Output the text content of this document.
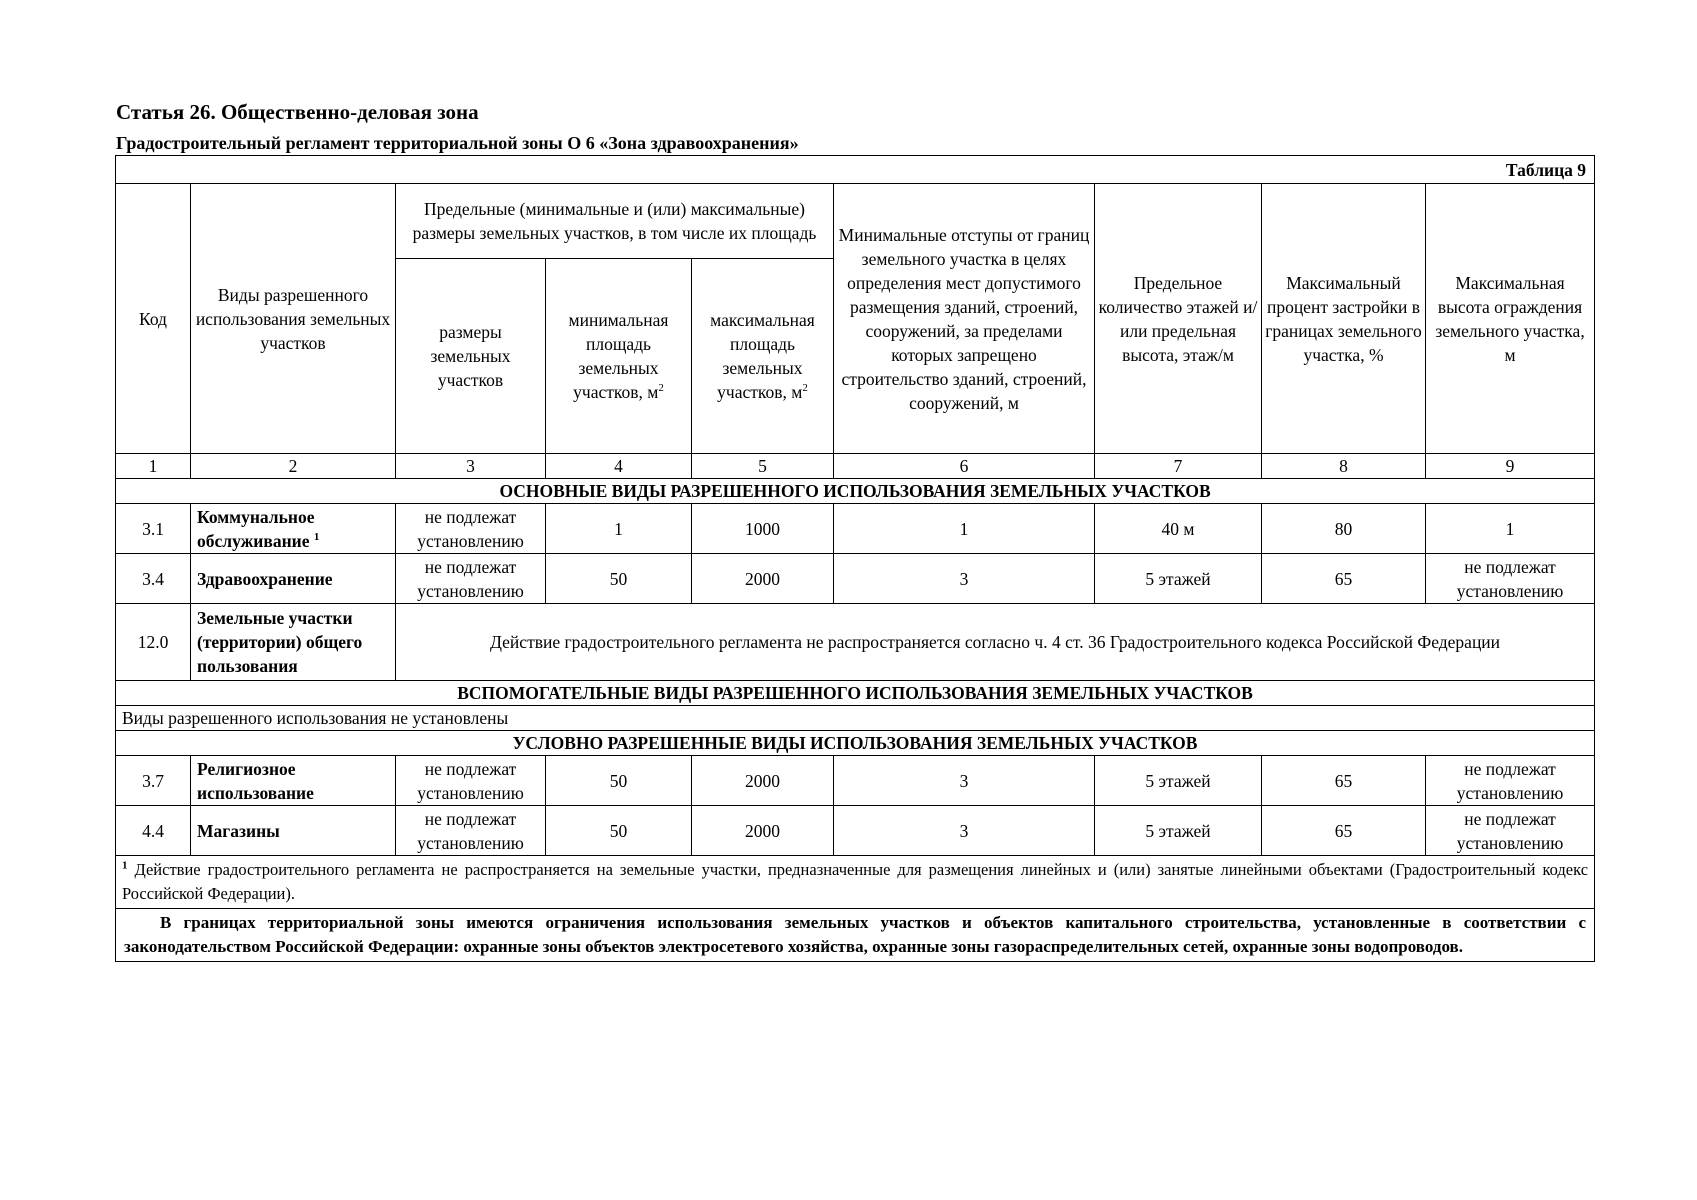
Статья 26. Общественно-деловая зона
Градостроительный регламент территориальной зоны О 6 «Зона здравоохранения»
Таблица 9								
Код	Виды разрешенного использования земельных участков	Предельные (минимальные и (или) максимальные) размеры земельных участков, в том числе их площадь			Минимальные отступы от границ земельного участка в целях определения мест допустимого размещения зданий, строений, сооружений, за пределами которых запрещено строительство зданий, строений, сооружений, м	Предельное количество этажей и/или предельная высота, этаж/м	Максимальный процент застройки в границах земельного участка, %	Максимальная высота ограждения земельного участка, м
		размеры земельных участков	минимальная площадь земельных участков, $м^2$	максимальная площадь земельных участков, $м^2$
1	2	3	4	5	6	7	8	9
ОСНОВНЫЕ ВИДЫ РАЗРЕШЕННОГО ИСПОЛЬЗОВАНИЯ ЗЕМЕЛЬНЫХ УЧАСТКОВ								
3.1	Коммунальное обслуживание $^1$	не подлежат установлению	1	1000	1	40 м	80	1
3.4	Здравоохранение	не подлежат установлению	50	2000	3	5 этажей	65	не подлежат установлению
12.0	Земельные участки (территории) общего пользования	Действие градостроительного регламента не распространяется согласно ч. 4 ст. 36 Градостроительного кодекса Российской Федерации						
ВСПОМОГАТЕЛЬНЫЕ ВИДЫ РАЗРЕШЕННОГО ИСПОЛЬЗОВАНИЯ ЗЕМЕЛЬНЫХ УЧАСТКОВ								
Виды разрешенного использования не установлены								
УСЛОВНО РАЗРЕШЕННЫЕ ВИДЫ ИСПОЛЬЗОВАНИЯ ЗЕМЕЛЬНЫХ УЧАСТКОВ								
3.7	Религиозное использование	не подлежат установлению	50	2000	3	5 этажей	65	не подлежат установлению
4.4	Магазины	не подлежат установлению	50	2000	3	5 этажей	65	не подлежат установлению
$^1$ Действие градостроительного регламента не распространяется на земельные участки, предназначенные для размещения линейных и (или) занятые линейными объектами (Градостроительный кодекс Российской Федерации).								
В границах территориальной зоны имеются ограничения использования земельных участков и объектов капитального строительства, установленные в соответствии с законодательством Российской Федерации: охранные зоны объектов электросетевого хозяйства, охранные зоны газораспределительных сетей, охранные зоны водопроводов.								
